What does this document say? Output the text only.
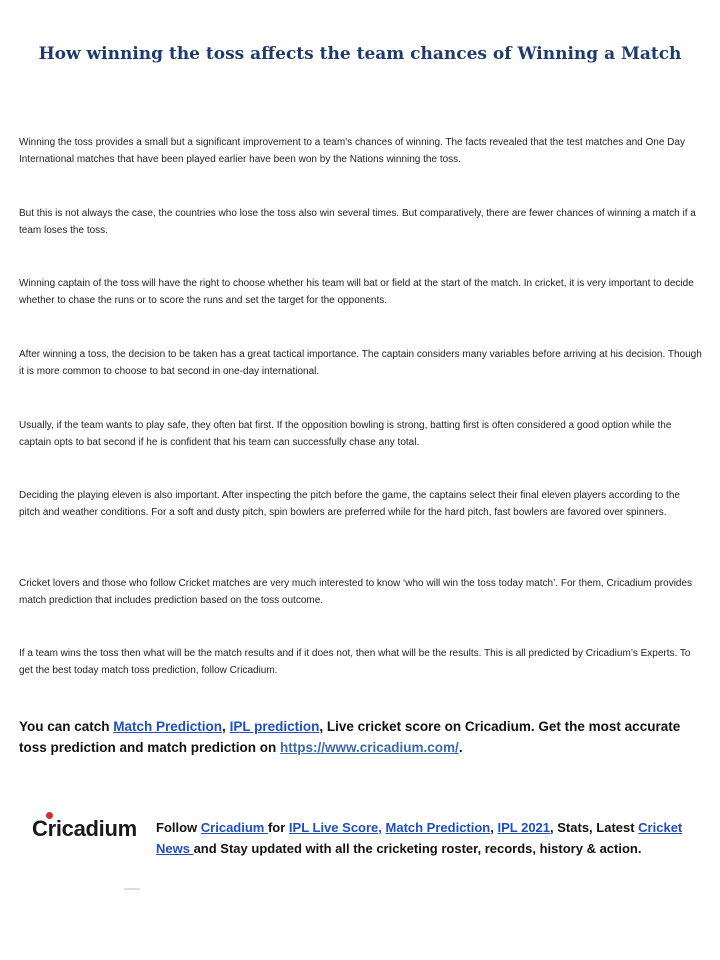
How winning the toss affects the team chances of Winning a Match

Winning the toss provides a small but a significant improvement to a team's chances of winning. The facts revealed that the test matches and One Day International matches that have been played earlier have been won by the Nations winning the toss.

But this is not always the case, the countries who lose the toss also win several times. But comparatively, there are fewer chances of winning a match if a team loses the toss.

Winning captain of the toss will have the right to choose whether his team will bat or field at the start of the match. In cricket, it is very important to decide whether to chase the runs or to score the runs and set the target for the opponents.

After winning a toss, the decision to be taken has a great tactical importance. The captain considers many variables before arriving at his decision. Though it is more common to choose to bat second in one-day international.

Usually, if the team wants to play safe, they often bat first. If the opposition bowling is strong, batting first is often considered a good option while the captain opts to bat second if he is confident that his team can successfully chase any total.

Deciding the playing eleven is also important. After inspecting the pitch before the game, the captains select their final eleven players according to the pitch and weather conditions. For a soft and dusty pitch, spin bowlers are preferred while for the hard pitch, fast bowlers are favored over spinners.

Cricket lovers and those who follow Cricket matches are very much interested to know ‘who will win the toss today match’. For them, Cricadium provides match prediction that includes prediction based on the toss outcome.

If a team wins the toss then what will be the match results and if it does not, then what will be the results. This is all predicted by Cricadium’s Experts. To get the best today match toss prediction, follow Cricadium.

You can catch Match Prediction, IPL prediction, Live cricket score on Cricadium. Get the most accurate toss prediction and match prediction on https://www.cricadium.com/.

Cricadium Follow Cricadium for IPL Live Score, Match Prediction, IPL 2021, Stats, Latest Cricket News and Stay updated with all the cricketing roster, records, history & action.
